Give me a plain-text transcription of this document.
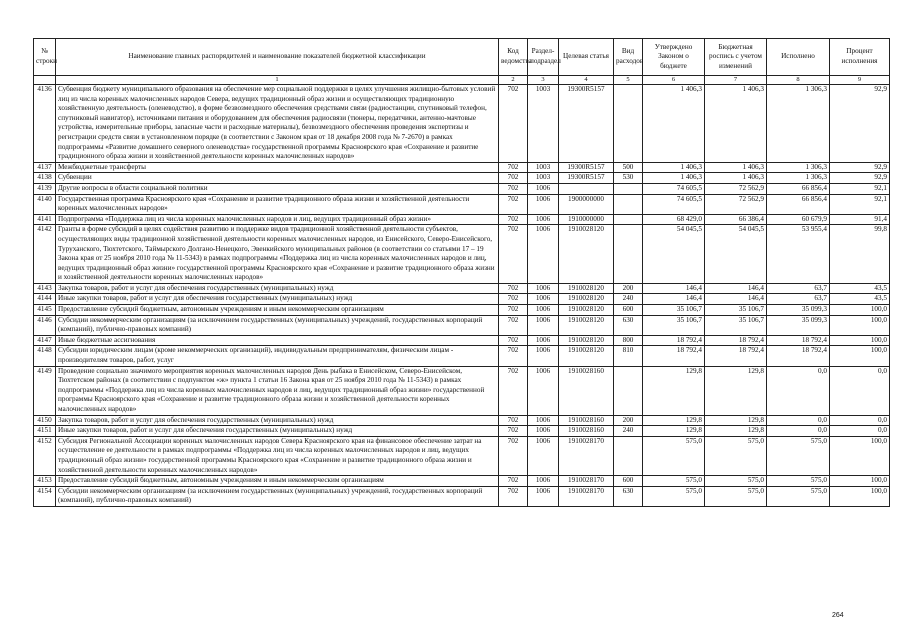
№ строки	Наименование главных распорядителей и наименование показателей бюджетной классификации	Код ведомства	Раздел-подраздел	Целевая статья	Вид расходов	Утверждено Законом о бюджете	Бюджетная роспись с учетом изменений	Исполнено	Процент исполнения
	1	2	3	4	5	6	7	8	9
4136	Субвенция бюджету муниципального образования на обеспечение мер социальной поддержки в целях улучшения жилищно-бытовых условий лиц из числа коренных малочисленных народов Севера, ведущих традиционный образ жизни и осуществляющих традиционную хозяйственную деятельность (оленеводство), в форме безвозмездного обеспечения средствами связи (радиостанции, спутниковый телефон, спутниковый навигатор), источниками питания и оборудованием для обеспечения радиосвязи (тюнеры, передатчики, антенно-мачтовые устройства, измерительные приборы, запасные части и расходные материалы), безвозмездного обеспечения проведения экспертизы и регистрации средств связи в установленном порядке (в соответствии с Законом края от 18 декабря 2008 года № 7-2670) в рамках подпрограммы «Развитие домашнего северного оленеводства» государственной программы Красноярского края «Сохранение и развитие традиционного образа жизни и хозяйственной деятельности коренных малочисленных народов»	702	1003	19300R5157		1 406,3	1 406,3	1 306,3	92,9
4137	Межбюджетные трансферты	702	1003	19300R5157	500	1 406,3	1 406,3	1 306,3	92,9
4138	Субвенции	702	1003	19300R5157	530	1 406,3	1 406,3	1 306,3	92,9
4139	Другие вопросы в области социальной политики	702	1006			74 605,5	72 562,9	66 856,4	92,1
4140	Государственная программа Красноярского края «Сохранение и развитие традиционного образа жизни и хозяйственной деятельности коренных малочисленных народов»	702	1006	1900000000		74 605,5	72 562,9	66 856,4	92,1
4141	Подпрограмма «Поддержка лиц из числа коренных малочисленных народов и лиц, ведущих традиционный образ жизни»	702	1006	1910000000		68 429,0	66 386,4	60 679,9	91,4
4142	Гранты в форме субсидий в целях содействия развитию и поддержке видов традиционной хозяйственной деятельности субъектов, осуществляющих виды традиционной хозяйственной деятельности коренных малочисленных народов, из Енисейского, Северо-Енисейского, Туруханского, Тюхтетского, Таймырского Долгано-Ненецкого, Эвенкийского муниципальных районов (в соответствии со статьями 17 – 19 Закона края от 25 ноября 2010 года № 11-5343) в рамках подпрограммы «Поддержка лиц из числа коренных малочисленных народов и лиц, ведущих традиционный образ жизни» государственной программы Красноярского края «Сохранение и развитие традиционного образа жизни и хозяйственной деятельности коренных малочисленных народов»	702	1006	1910028120		54 045,5	54 045,5	53 955,4	99,8
4143	Закупка товаров, работ и услуг для обеспечения государственных (муниципальных) нужд	702	1006	1910028120	200	146,4	146,4	63,7	43,5
4144	Иные закупки товаров, работ и услуг для обеспечения государственных (муниципальных) нужд	702	1006	1910028120	240	146,4	146,4	63,7	43,5
4145	Предоставление субсидий бюджетным, автономным учреждениям и иным некоммерческим организациям	702	1006	1910028120	600	35 106,7	35 106,7	35 099,3	100,0
4146	Субсидии некоммерческим организациям (за исключением государственных (муниципальных) учреждений, государственных корпораций (компаний), публично-правовых компаний)	702	1006	1910028120	630	35 106,7	35 106,7	35 099,3	100,0
4147	Иные бюджетные ассигнования	702	1006	1910028120	800	18 792,4	18 792,4	18 792,4	100,0
4148	Субсидии юридическим лицам (кроме некоммерческих организаций), индивидуальным предпринимателям, физическим лицам - производителям товаров, работ, услуг	702	1006	1910028120	810	18 792,4	18 792,4	18 792,4	100,0
4149	Проведение социально значимого мероприятия коренных малочисленных народов День рыбака в Енисейском, Северо-Енисейском, Тюхтетском районах (в соответствии с подпунктом «ж» пункта 1 статьи 16 Закона края от 25 ноября 2010 года № 11-5343) в рамках подпрограммы «Поддержка лиц из числа коренных малочисленных народов и лиц, ведущих традиционный образ жизни» государственной программы Красноярского края «Сохранение и развитие традиционного образа жизни и хозяйственной деятельности коренных малочисленных народов»	702	1006	1910028160		129,8	129,8	0,0	0,0
4150	Закупка товаров, работ и услуг для обеспечения государственных (муниципальных) нужд	702	1006	1910028160	200	129,8	129,8	0,0	0,0
4151	Иные закупки товаров, работ и услуг для обеспечения государственных (муниципальных) нужд	702	1006	1910028160	240	129,8	129,8	0,0	0,0
4152	Субсидия Региональной Ассоциации коренных малочисленных народов Севера Красноярского края на финансовое обеспечение затрат на осуществление ее деятельности в рамках подпрограммы «Поддержка лиц из числа коренных малочисленных народов и лиц, ведущих традиционный образ жизни» государственной программы Красноярского края «Сохранение и развитие традиционного образа жизни и хозяйственной деятельности коренных малочисленных народов»	702	1006	1910028170		575,0	575,0	575,0	100,0
4153	Предоставление субсидий бюджетным, автономным учреждениям и иным некоммерческим организациям	702	1006	1910028170	600	575,0	575,0	575,0	100,0
4154	Субсидии некоммерческим организациям (за исключением государственных (муниципальных) учреждений, государственных корпораций (компаний), публично-правовых компаний)	702	1006	1910028170	630	575,0	575,0	575,0	100,0
264
